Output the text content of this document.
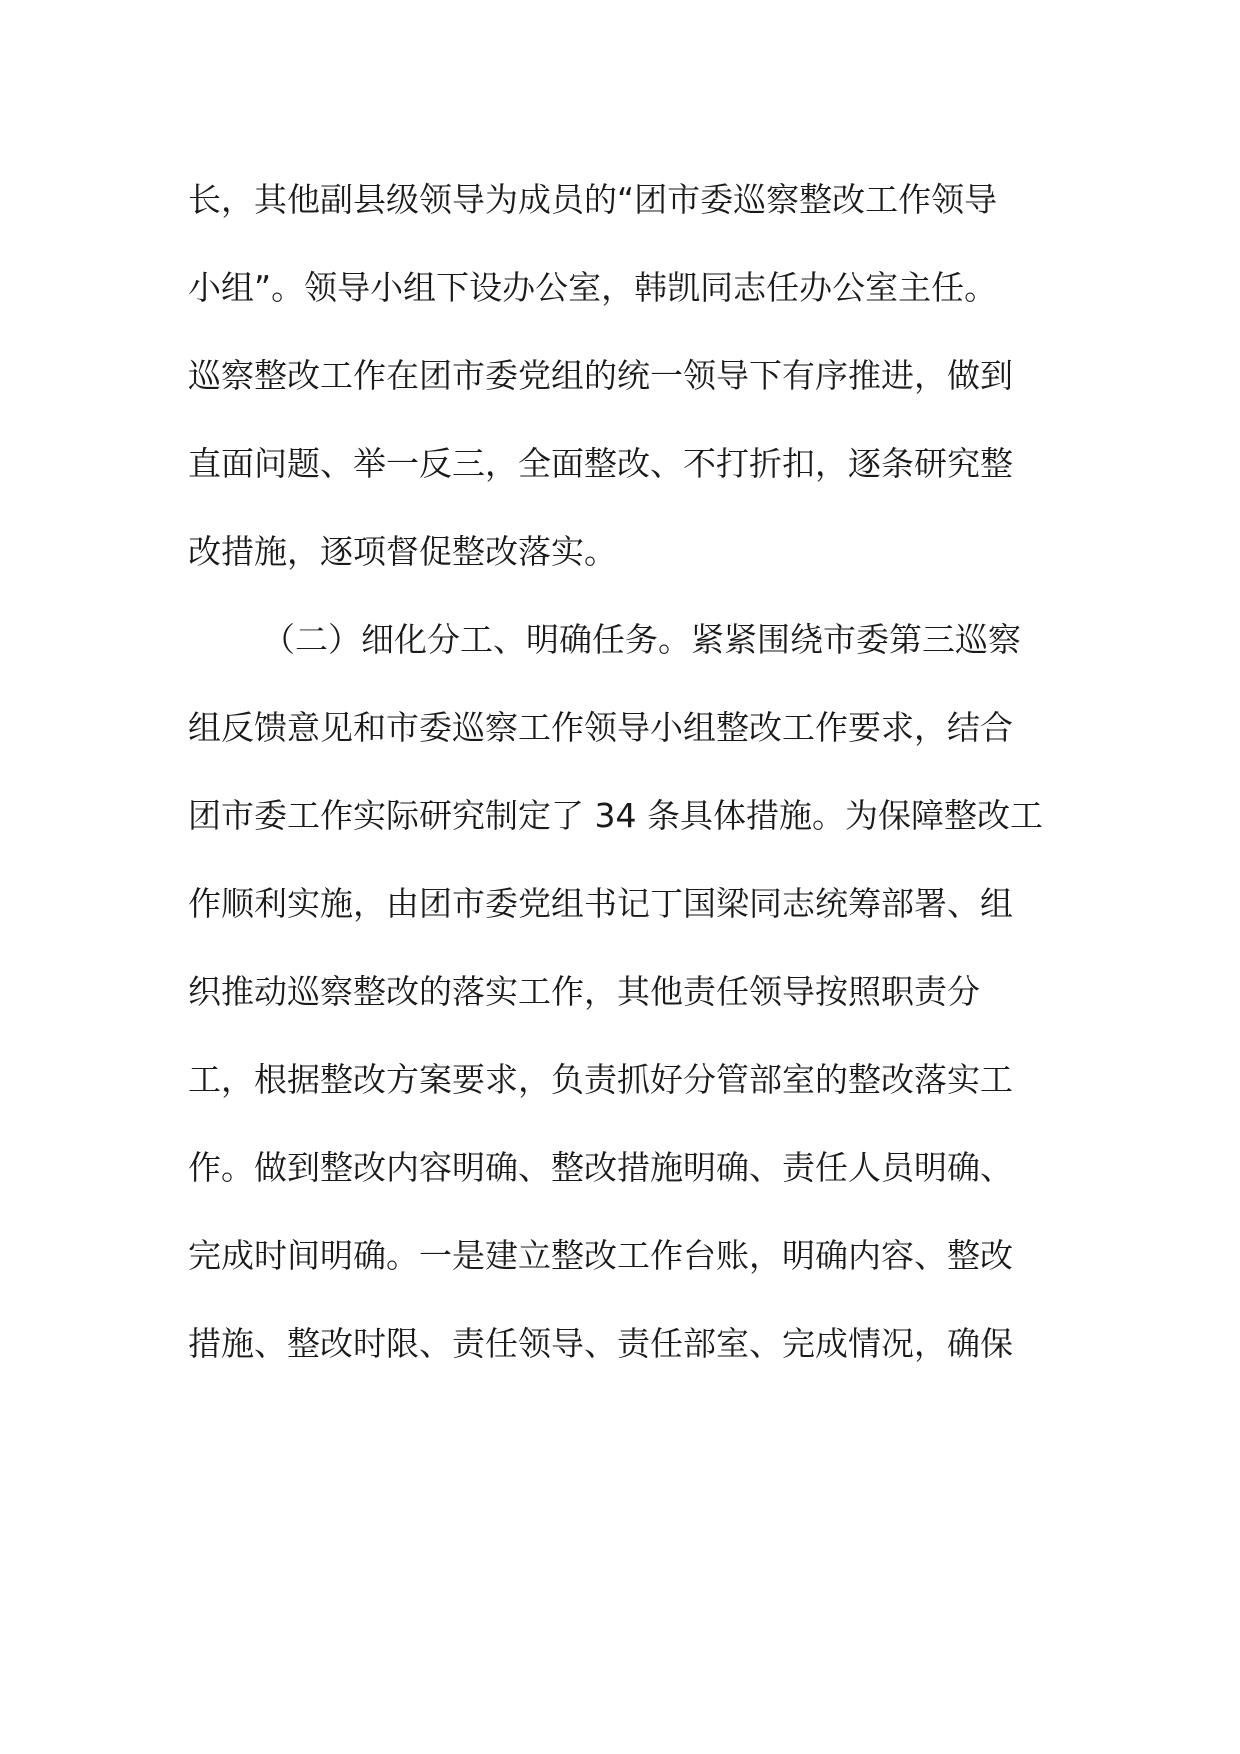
长，其他副县级领导为成员的“团市委巡察整改工作领导
小组”。领导小组下设办公室，韩凯同志任办公室主任。
巡察整改工作在团市委党组的统一领导下有序推进，做到
直面问题、举一反三，全面整改、不打折扣，逐条研究整
改措施，逐项督促整改落实。
（二）细化分工、明确任务。紧紧围绕市委第三巡察
组反馈意见和市委巡察工作领导小组整改工作要求，结合
团市委工作实际研究制定了 34 条具体措施。为保障整改工
作顺利实施，由团市委党组书记丁国梁同志统筹部署、组
织推动巡察整改的落实工作，其他责任领导按照职责分
工，根据整改方案要求，负责抓好分管部室的整改落实工
作。做到整改内容明确、整改措施明确、责任人员明确、
完成时间明确。一是建立整改工作台账，明确内容、整改
措施、整改时限、责任领导、责任部室、完成情况，确保
